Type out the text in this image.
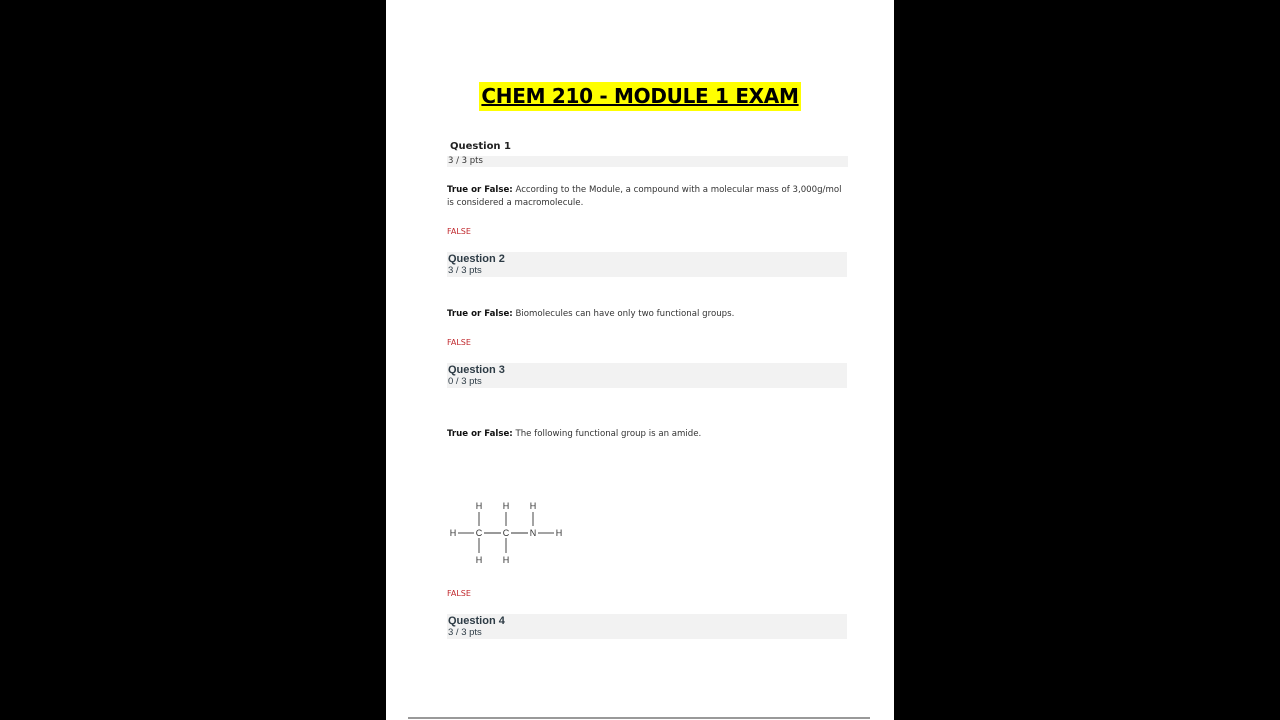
CHEM 210 - MODULE 1 EXAM
Question 1
3 / 3 pts
True or False: According to the Module, a compound with a molecular mass of 3,000g/mol is considered a macromolecule.
FALSE
Question 2
3 / 3 pts
True or False: Biomolecules can have only two functional groups.
FALSE
Question 3
0 / 3 pts
True or False: The following functional group is an amide.
H H H
H C C N H
H H
FALSE
Question 4
3 / 3 pts
